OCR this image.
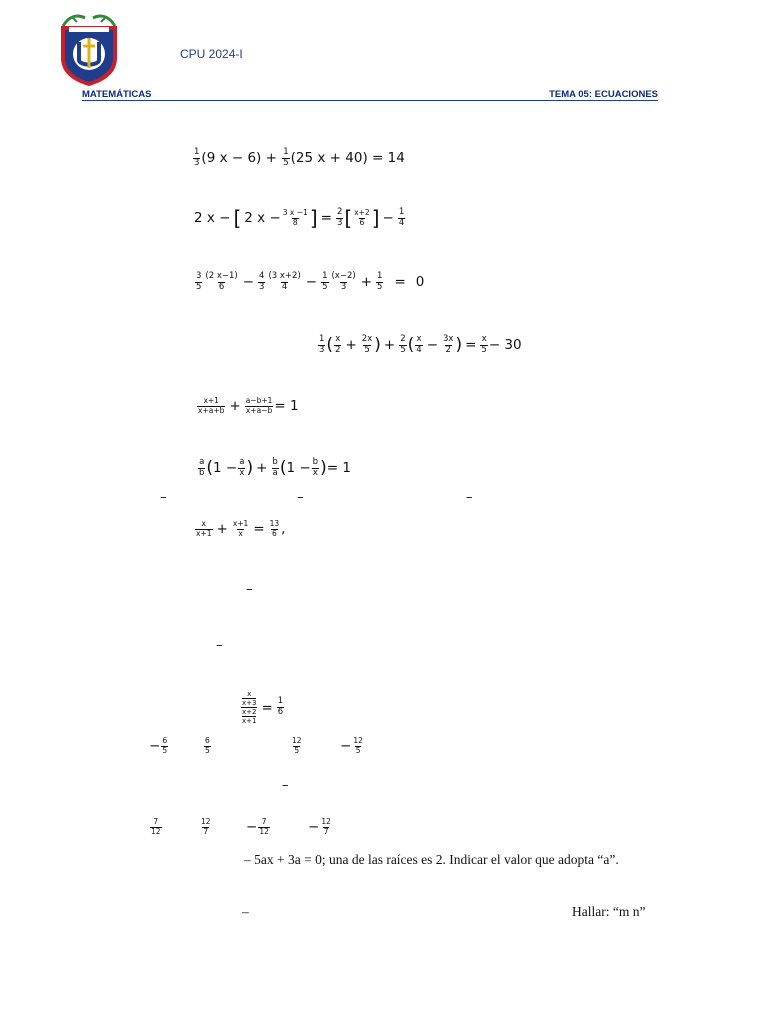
CPU 2024-I
MATEMÁTICAS	TEMA 05: ECUACIONES
$\frac{1}{3} (9$ x − 6) +
$\frac{1}{5} (25$ x + 40) = 14
2 x − [ 2 $x - \frac{3 x -1}{8}$ ] = $\frac{2}{3}$ [ $\frac{x+2}{6}$ ] − $\frac{1}{4}$
$\frac{3}{5} \frac{(2 x-1)}{6} - \frac{4}{3} \frac{(3 x+2)}{4} - \frac{1}{5} \frac{(x-2)}{3} + \frac{1}{5} = 0$
$\frac{1}{3}$ ( $\frac{x}{2} + \frac{2x}{5}$ ) + $\frac{2}{5}$ ( $\frac{x}{4} - \frac{3x}{2}$ ) = $\frac{x}{5} - 30$
$\frac{x+1}{x+a+b} + \frac{a-b+1}{x+a-b} = 1$
$\frac{a}{b}$ ( $1 - \frac{a}{x}$ ) + $\frac{b}{a}$ ( $1 - \frac{b}{x}$ ) = 1
–	–	–
$\frac{x}{x+1} + \frac{x+1}{x} = \frac{13}{6}$ ,
–
–
x
x+3
x+2
$x+1 = \frac{1}{6}$
− $\frac{6}{5}$	$\frac{6}{5}$	$\frac{12}{5}$	− $\frac{12}{5}$
–
$\frac{7}{12}$	$\frac{12}{7}$	− $\frac{7}{12}$	− $\frac{12}{7}$
– 5ax + 3a = 0; una de las raíces es 2. Indicar el valor que adopta “a”.
–	Hallar: “m n”
